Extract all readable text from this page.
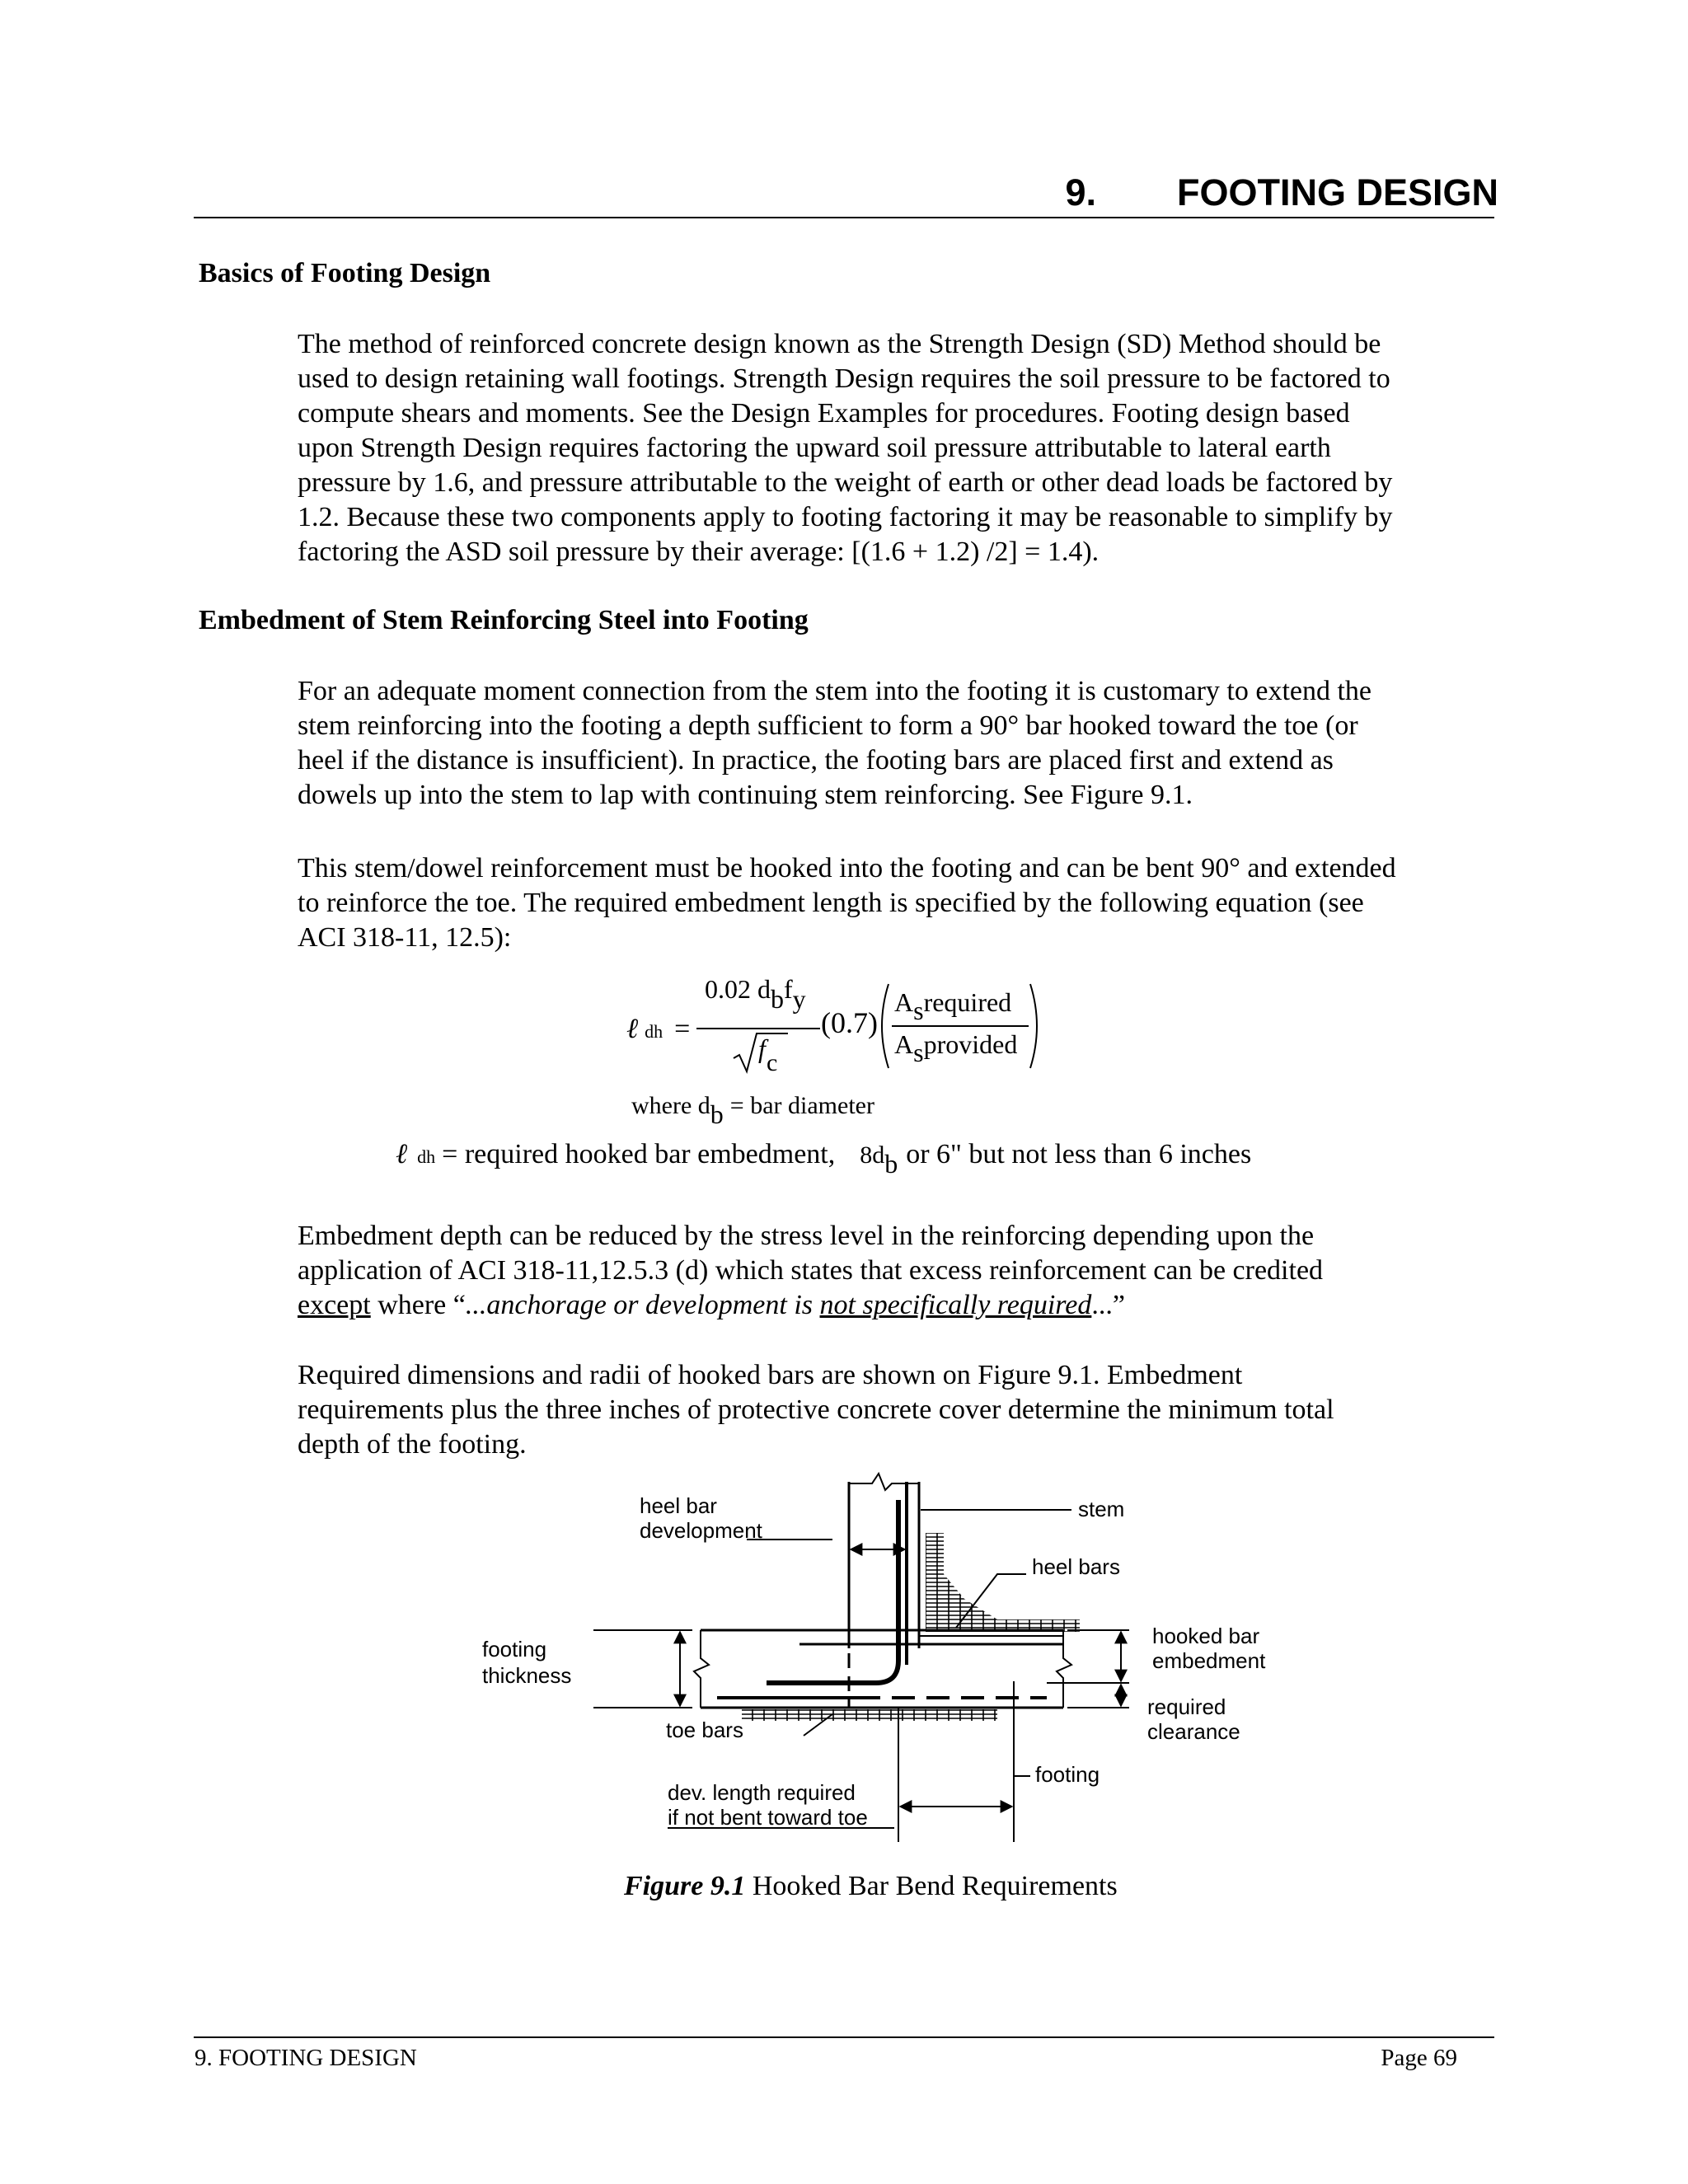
9. FOOTING DESIGN
Basics of Footing Design
The method of reinforced concrete design known as the Strength Design (SD) Method should be
used to design retaining wall footings. Strength Design requires the soil pressure to be factored to
compute shears and moments. See the Design Examples for procedures. Footing design based
upon Strength Design requires factoring the upward soil pressure attributable to lateral earth
pressure by 1.6, and pressure attributable to the weight of earth or other dead loads be factored by
1.2. Because these two components apply to footing factoring it may be reasonable to simplify by
factoring the ASD soil pressure by their average: [(1.6 + 1.2) /2] = 1.4).
Embedment of Stem Reinforcing Steel into Footing
For an adequate moment connection from the stem into the footing it is customary to extend the
stem reinforcing into the footing a depth sufficient to form a 90° bar hooked toward the toe (or
heel if the distance is insufficient). In practice, the footing bars are placed first and extend as
dowels up into the stem to lap with continuing stem reinforcing. See Figure 9.1.
This stem/dowel reinforcement must be hooked into the footing and can be bent 90° and extended
to reinforce the toe. The required embedment length is specified by the following equation (see
ACI 318-11, 12.5):
ℓdh =
0.02 dbfy
f c
(0.7)
Asrequired
Asprovided
where db = bar diameter
ℓdh = required hooked bar embedment, 8db or 6" but not less than 6 inches
Embedment depth can be reduced by the stress level in the reinforcing depending upon the
application of ACI 318-11,12.5.3 (d) which states that excess reinforcement can be credited
except where “...anchorage or development is not specifically required...”
Required dimensions and radii of hooked bars are shown on Figure 9.1. Embedment
requirements plus the three inches of protective concrete cover determine the minimum total
depth of the footing.
heel bar
development
stem
heel bars
footing
thickness
hooked bar
embedment
required
clearance
toe bars
footing
dev. length required
if not bent toward toe
Figure 9.1 Hooked Bar Bend Requirements
9. FOOTING DESIGN	Page 69
